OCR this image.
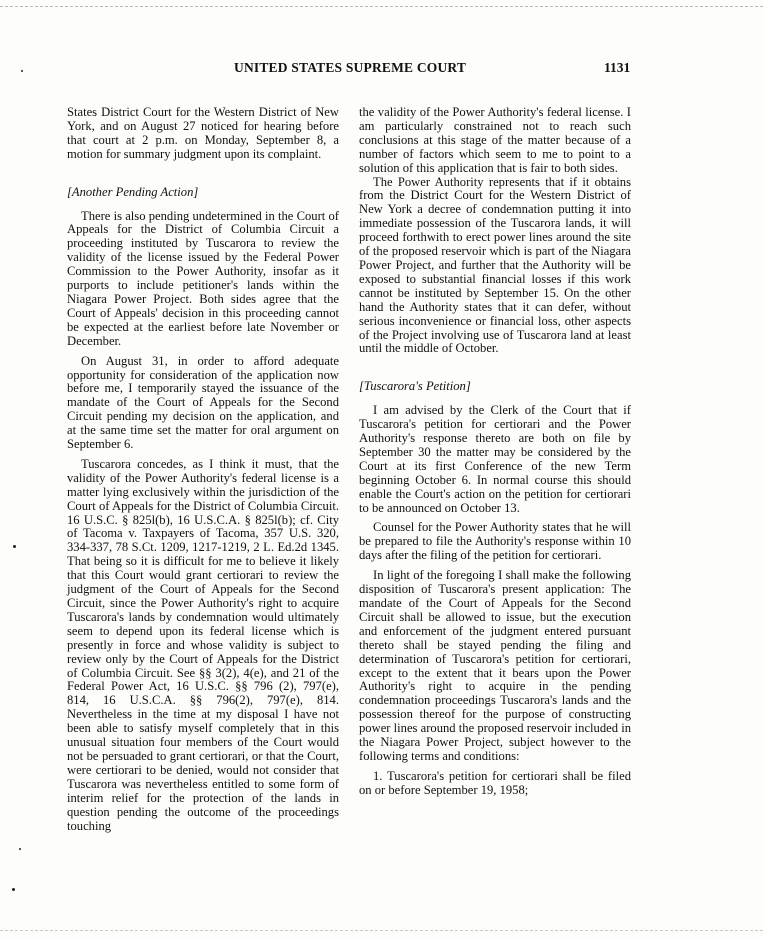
UNITED STATES SUPREME COURT	1131

States District Court for the Western District of New York, and on August 27 noticed for hearing before that court at 2 p.m. on Monday, September 8, a motion for summary judgment upon its complaint.

[Another Pending Action]

There is also pending undetermined in the Court of Appeals for the District of Columbia Circuit a proceeding instituted by Tuscarora to review the validity of the license issued by the Federal Power Commission to the Power Authority, insofar as it purports to include petitioner's lands within the Niagara Power Project. Both sides agree that the Court of Appeals' decision in this proceeding cannot be expected at the earliest before late November or December.

On August 31, in order to afford adequate opportunity for consideration of the application now before me, I temporarily stayed the issuance of the mandate of the Court of Appeals for the Second Circuit pending my decision on the application, and at the same time set the matter for oral argument on September 6.

Tuscarora concedes, as I think it must, that the validity of the Power Authority's federal license is a matter lying exclusively within the jurisdiction of the Court of Appeals for the District of Columbia Circuit. 16 U.S.C. § 825l(b), 16 U.S.C.A. § 825l(b); cf. City of Tacoma v. Taxpayers of Tacoma, 357 U.S. 320, 334-337, 78 S.Ct. 1209, 1217-1219, 2 L. Ed.2d 1345. That being so it is difficult for me to believe it likely that this Court would grant certiorari to review the judgment of the Court of Appeals for the Second Circuit, since the Power Authority's right to acquire Tuscarora's lands by condemnation would ultimately seem to depend upon its federal license which is presently in force and whose validity is subject to review only by the Court of Appeals for the District of Columbia Circuit. See §§ 3(2), 4(e), and 21 of the Federal Power Act, 16 U.S.C. §§ 796 (2), 797(e), 814, 16 U.S.C.A. §§ 796(2), 797(e), 814. Nevertheless in the time at my disposal I have not been able to satisfy myself completely that in this unusual situation four members of the Court would not be persuaded to grant certiorari, or that the Court, were certiorari to be denied, would not consider that Tuscarora was nevertheless entitled to some form of interim relief for the protection of the lands in question pending the outcome of the proceedings touching

the validity of the Power Authority's federal license. I am particularly constrained not to reach such conclusions at this stage of the matter because of a number of factors which seem to me to point to a solution of this application that is fair to both sides.

The Power Authority represents that if it obtains from the District Court for the Western District of New York a decree of condemnation putting it into immediate possession of the Tuscarora lands, it will proceed forthwith to erect power lines around the site of the proposed reservoir which is part of the Niagara Power Project, and further that the Authority will be exposed to substantial financial losses if this work cannot be instituted by September 15. On the other hand the Authority states that it can defer, without serious inconvenience or financial loss, other aspects of the Project involving use of Tuscarora land at least until the middle of October.

[Tuscarora's Petition]

I am advised by the Clerk of the Court that if Tuscarora's petition for certiorari and the Power Authority's response thereto are both on file by September 30 the matter may be considered by the Court at its first Conference of the new Term beginning October 6. In normal course this should enable the Court's action on the petition for certiorari to be announced on October 13.

Counsel for the Power Authority states that he will be prepared to file the Authority's response within 10 days after the filing of the petition for certiorari.

In light of the foregoing I shall make the following disposition of Tuscarora's present application: The mandate of the Court of Appeals for the Second Circuit shall be allowed to issue, but the execution and enforcement of the judgment entered pursuant thereto shall be stayed pending the filing and determination of Tuscarora's petition for certiorari, except to the extent that it bears upon the Power Authority's right to acquire in the pending condemnation proceedings Tuscarora's lands and the possession thereof for the purpose of constructing power lines around the proposed reservoir included in the Niagara Power Project, subject however to the following terms and conditions:

1. Tuscarora's petition for certiorari shall be filed on or before September 19, 1958;
